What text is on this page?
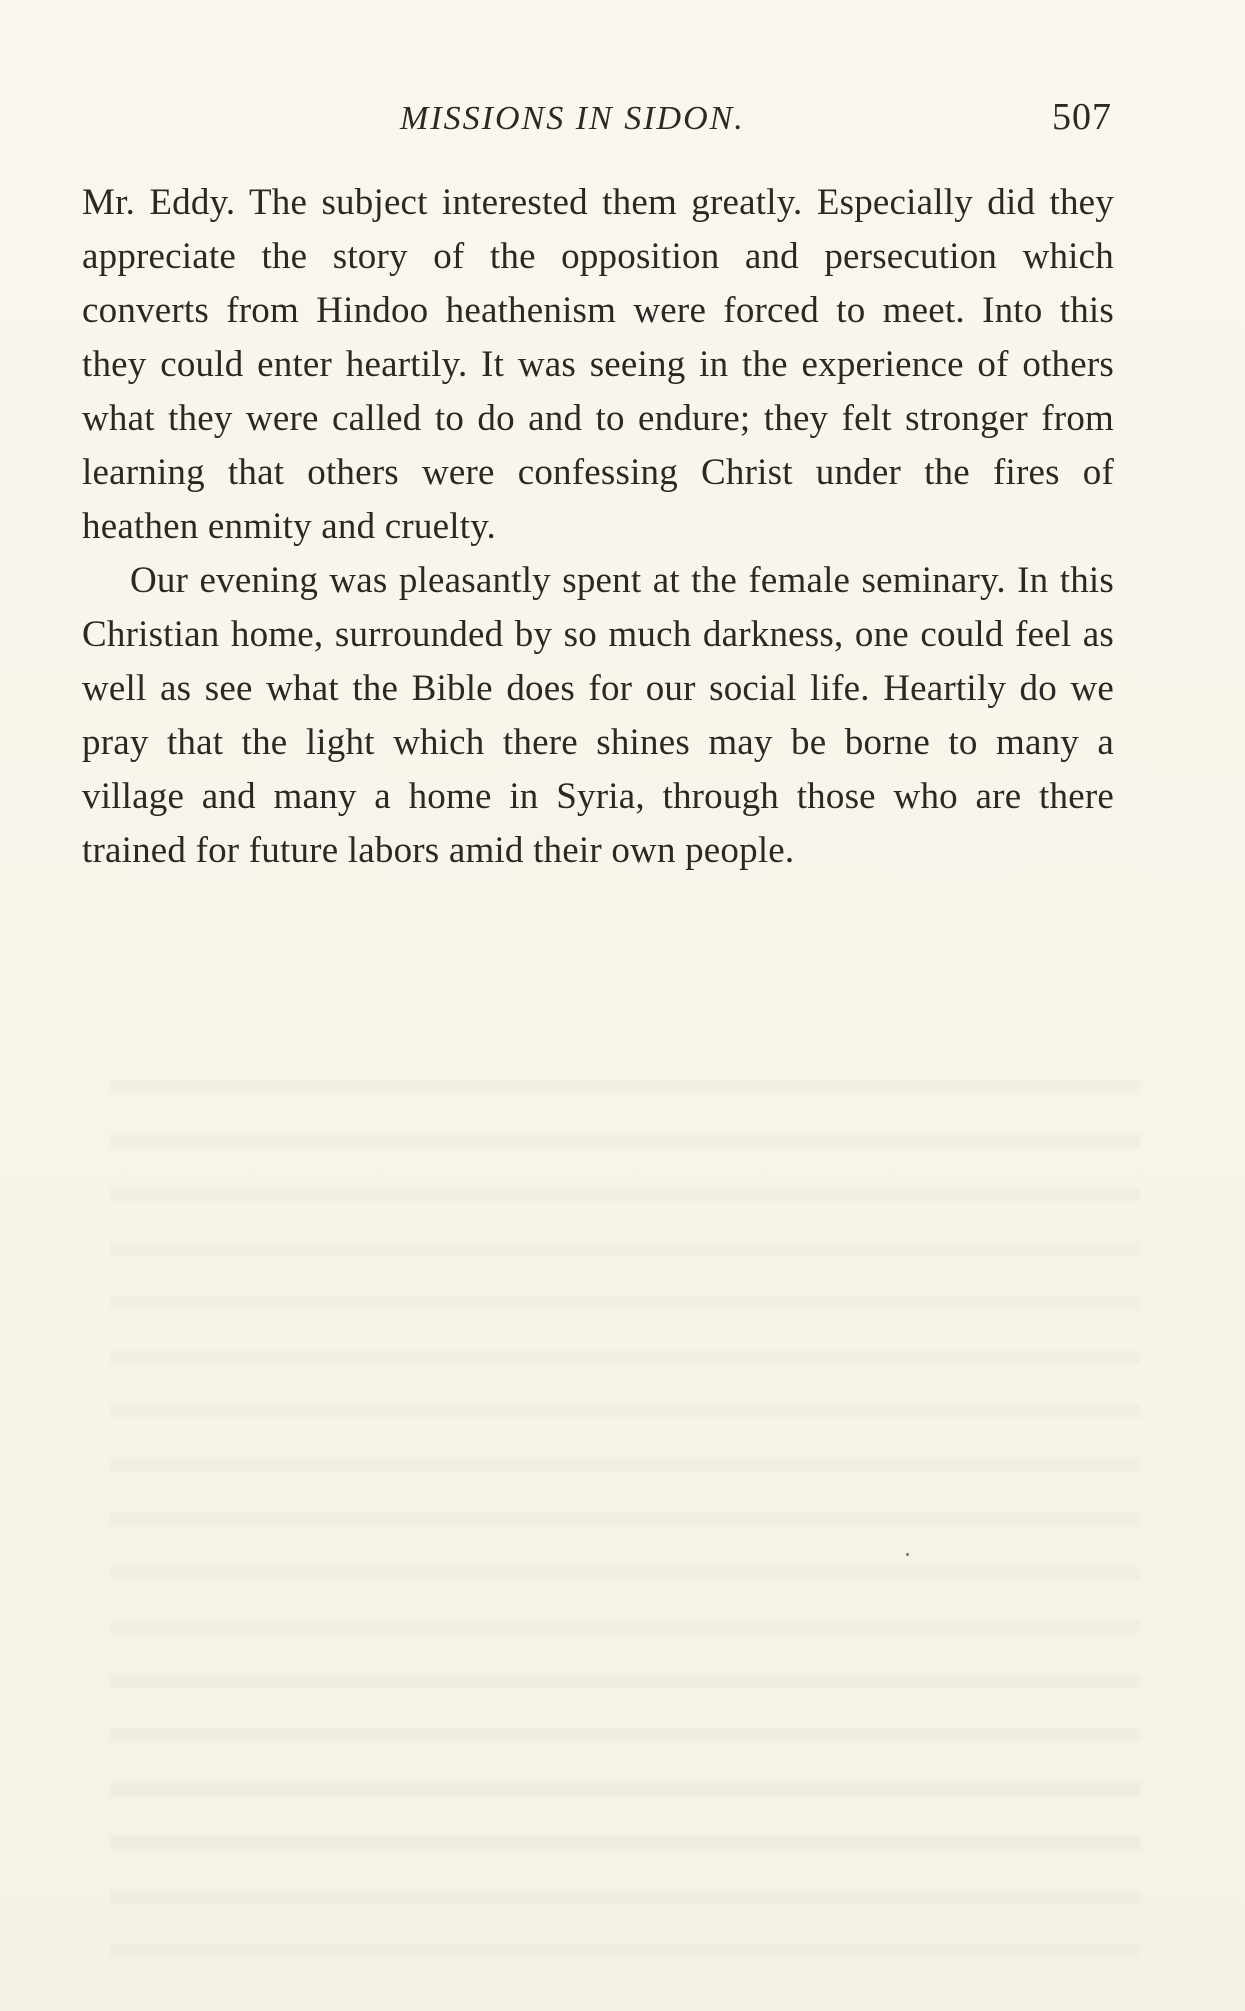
MISSIONS IN SIDON.	507

Mr. Eddy. The subject interested them greatly. Especially did they appreciate the story of the opposition and persecution which converts from Hindoo heathenism were forced to meet. Into this they could enter heartily. It was seeing in the experience of others what they were called to do and to endure; they felt stronger from learning that others were confessing Christ under the fires of heathen enmity and cruelty.

Our evening was pleasantly spent at the female seminary. In this Christian home, surrounded by so much darkness, one could feel as well as see what the Bible does for our social life. Heartily do we pray that the light which there shines may be borne to many a village and many a home in Syria, through those who are there trained for future labors amid their own people.
